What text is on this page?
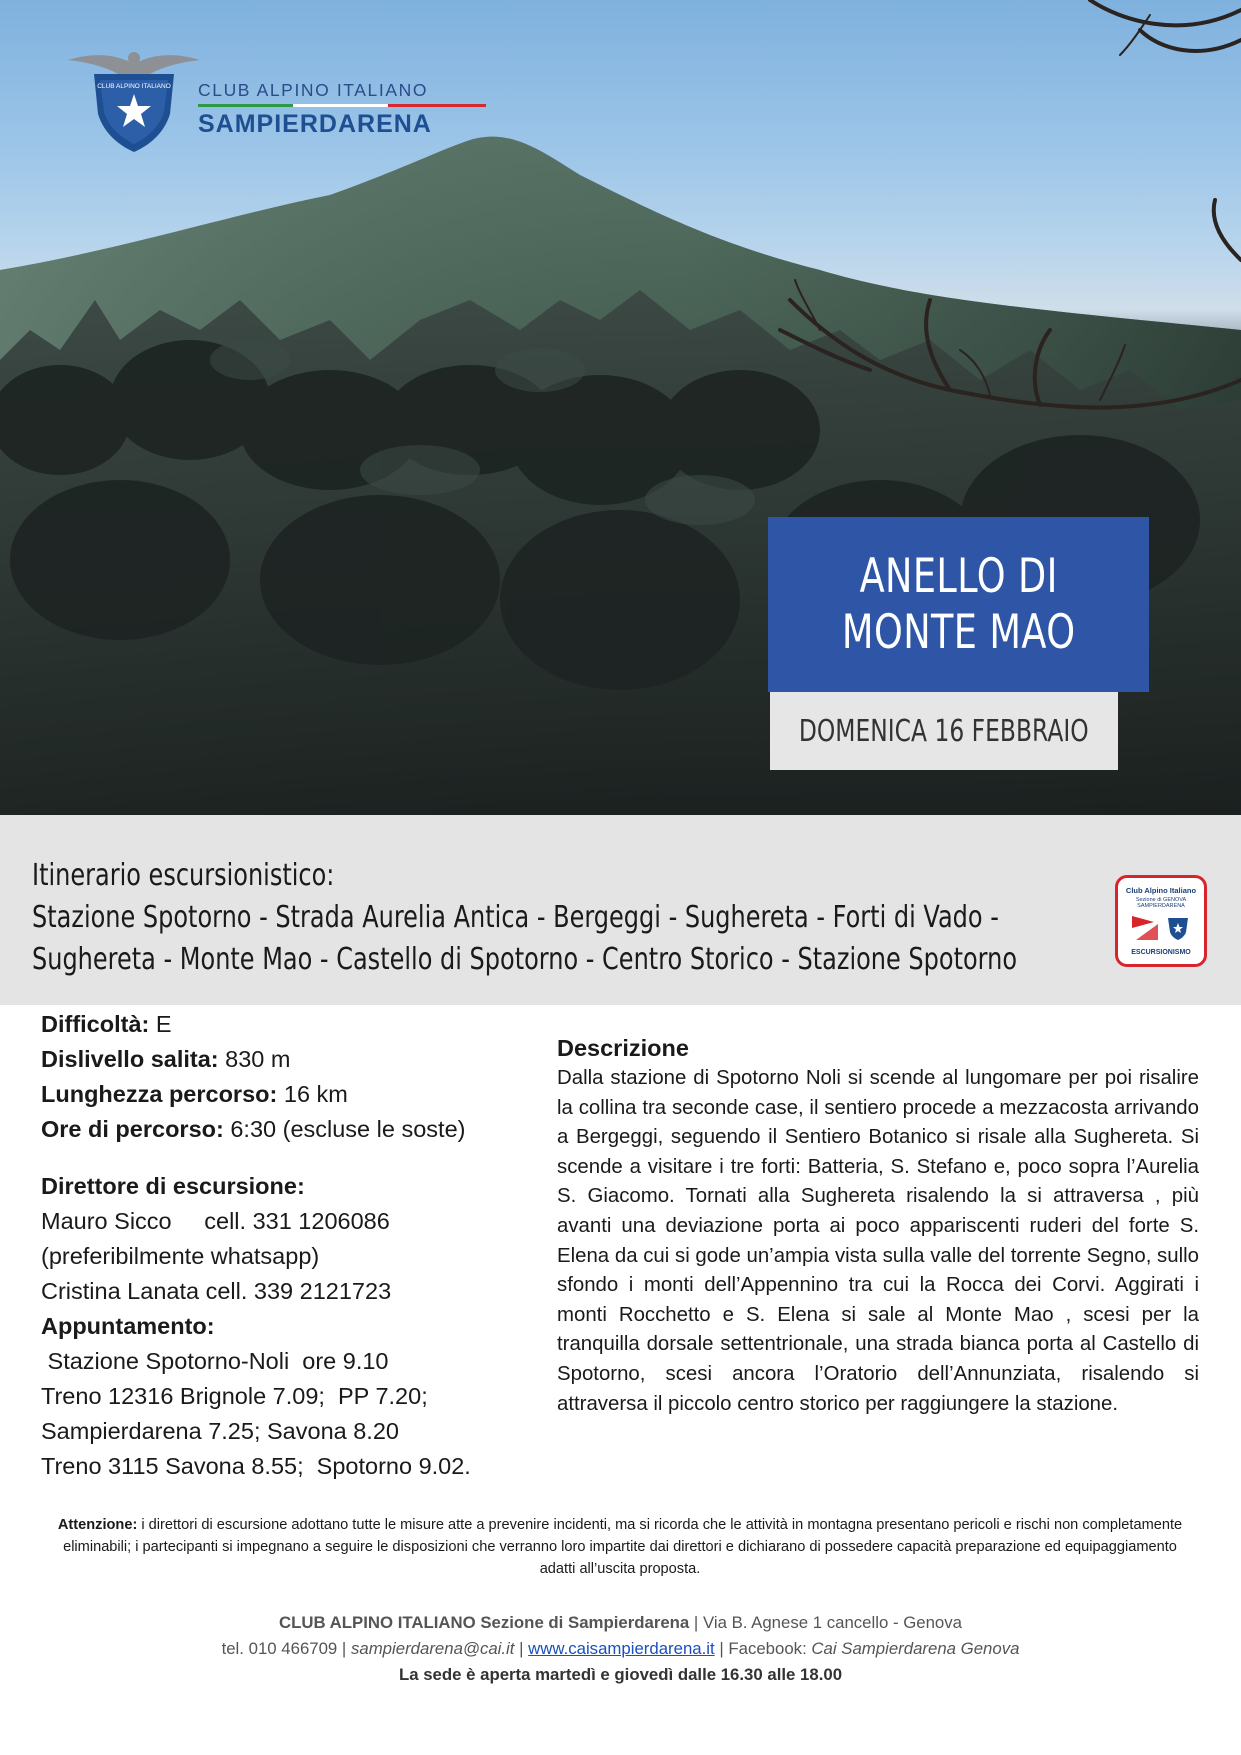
CLUB ALPINO ITALIANO CLUB ALPINO ITALIANO
SAMPIERDARENA
ANELLO DI
MONTE MAO
DOMENICA 16 FEBBRAIO
Itinerario escursionistico:
Stazione Spotorno - Strada Aurelia Antica - Bergeggi - Sughereta - Forti di Vado -
Sughereta - Monte Mao - Castello di Spotorno - Centro Storico - Stazione Spotorno
Club Alpino Italiano
Sezione di GENOVA SAMPIERDARENA
ESCURSIONISMO
Difficoltà: E
Dislivello salita: 830 m
Lunghezza percorso: 16 km
Ore di percorso: 6:30 (escluse le soste)
Direttore di escursione:
Mauro Sicco     cell. 331 1206086
(preferibilmente whatsapp)
Cristina Lanata cell. 339 2121723
Appuntamento:
Stazione Spotorno-Noli  ore 9.10
Treno 12316 Brignole 7.09;  PP 7.20;
Sampierdarena 7.25; Savona 8.20
Treno 3115 Savona 8.55;  Spotorno 9.02.
Descrizione

Dalla stazione di Spotorno Noli si scende al lungomare per poi risalire la collina tra seconde case, il sentiero procede a mezzacosta arrivando a Bergeggi, seguendo il Sentiero Botanico si risale alla Sughereta. Si scende a visitare i tre forti: Batteria, S. Stefano e, poco sopra l’Aurelia S. Giacomo. Tornati alla Sughereta risalendo la si attraversa , più avanti una deviazione porta ai poco appariscenti ruderi del forte S. Elena da cui si gode un’ampia vista sulla valle del torrente Segno, sullo sfondo i monti dell’Appennino tra cui la Rocca dei Corvi. Aggirati i monti Rocchetto e S. Elena si sale al Monte Mao , scesi per la tranquilla dorsale settentrionale, una strada bianca porta al Castello di Spotorno, scesi ancora l’Oratorio dell’Annunziata, risalendo si attraversa il piccolo centro storico per raggiungere la stazione.

Attenzione: i direttori di escursione adottano tutte le misure atte a prevenire incidenti, ma si ricorda che le attività in montagna presentano pericoli e rischi non completamente eliminabili; i partecipanti si impegnano a seguire le disposizioni che verranno loro impartite dai direttori e dichiarano di possedere capacità preparazione ed equipaggiamento adatti all’uscita proposta.
CLUB ALPINO ITALIANO Sezione di Sampierdarena | Via B. Agnese 1 cancello - Genova
tel. 010 466709 | sampierdarena@cai.it | www.caisampierdarena.it | Facebook: Cai Sampierdarena Genova
La sede è aperta martedì e giovedì dalle 16.30 alle 18.00
